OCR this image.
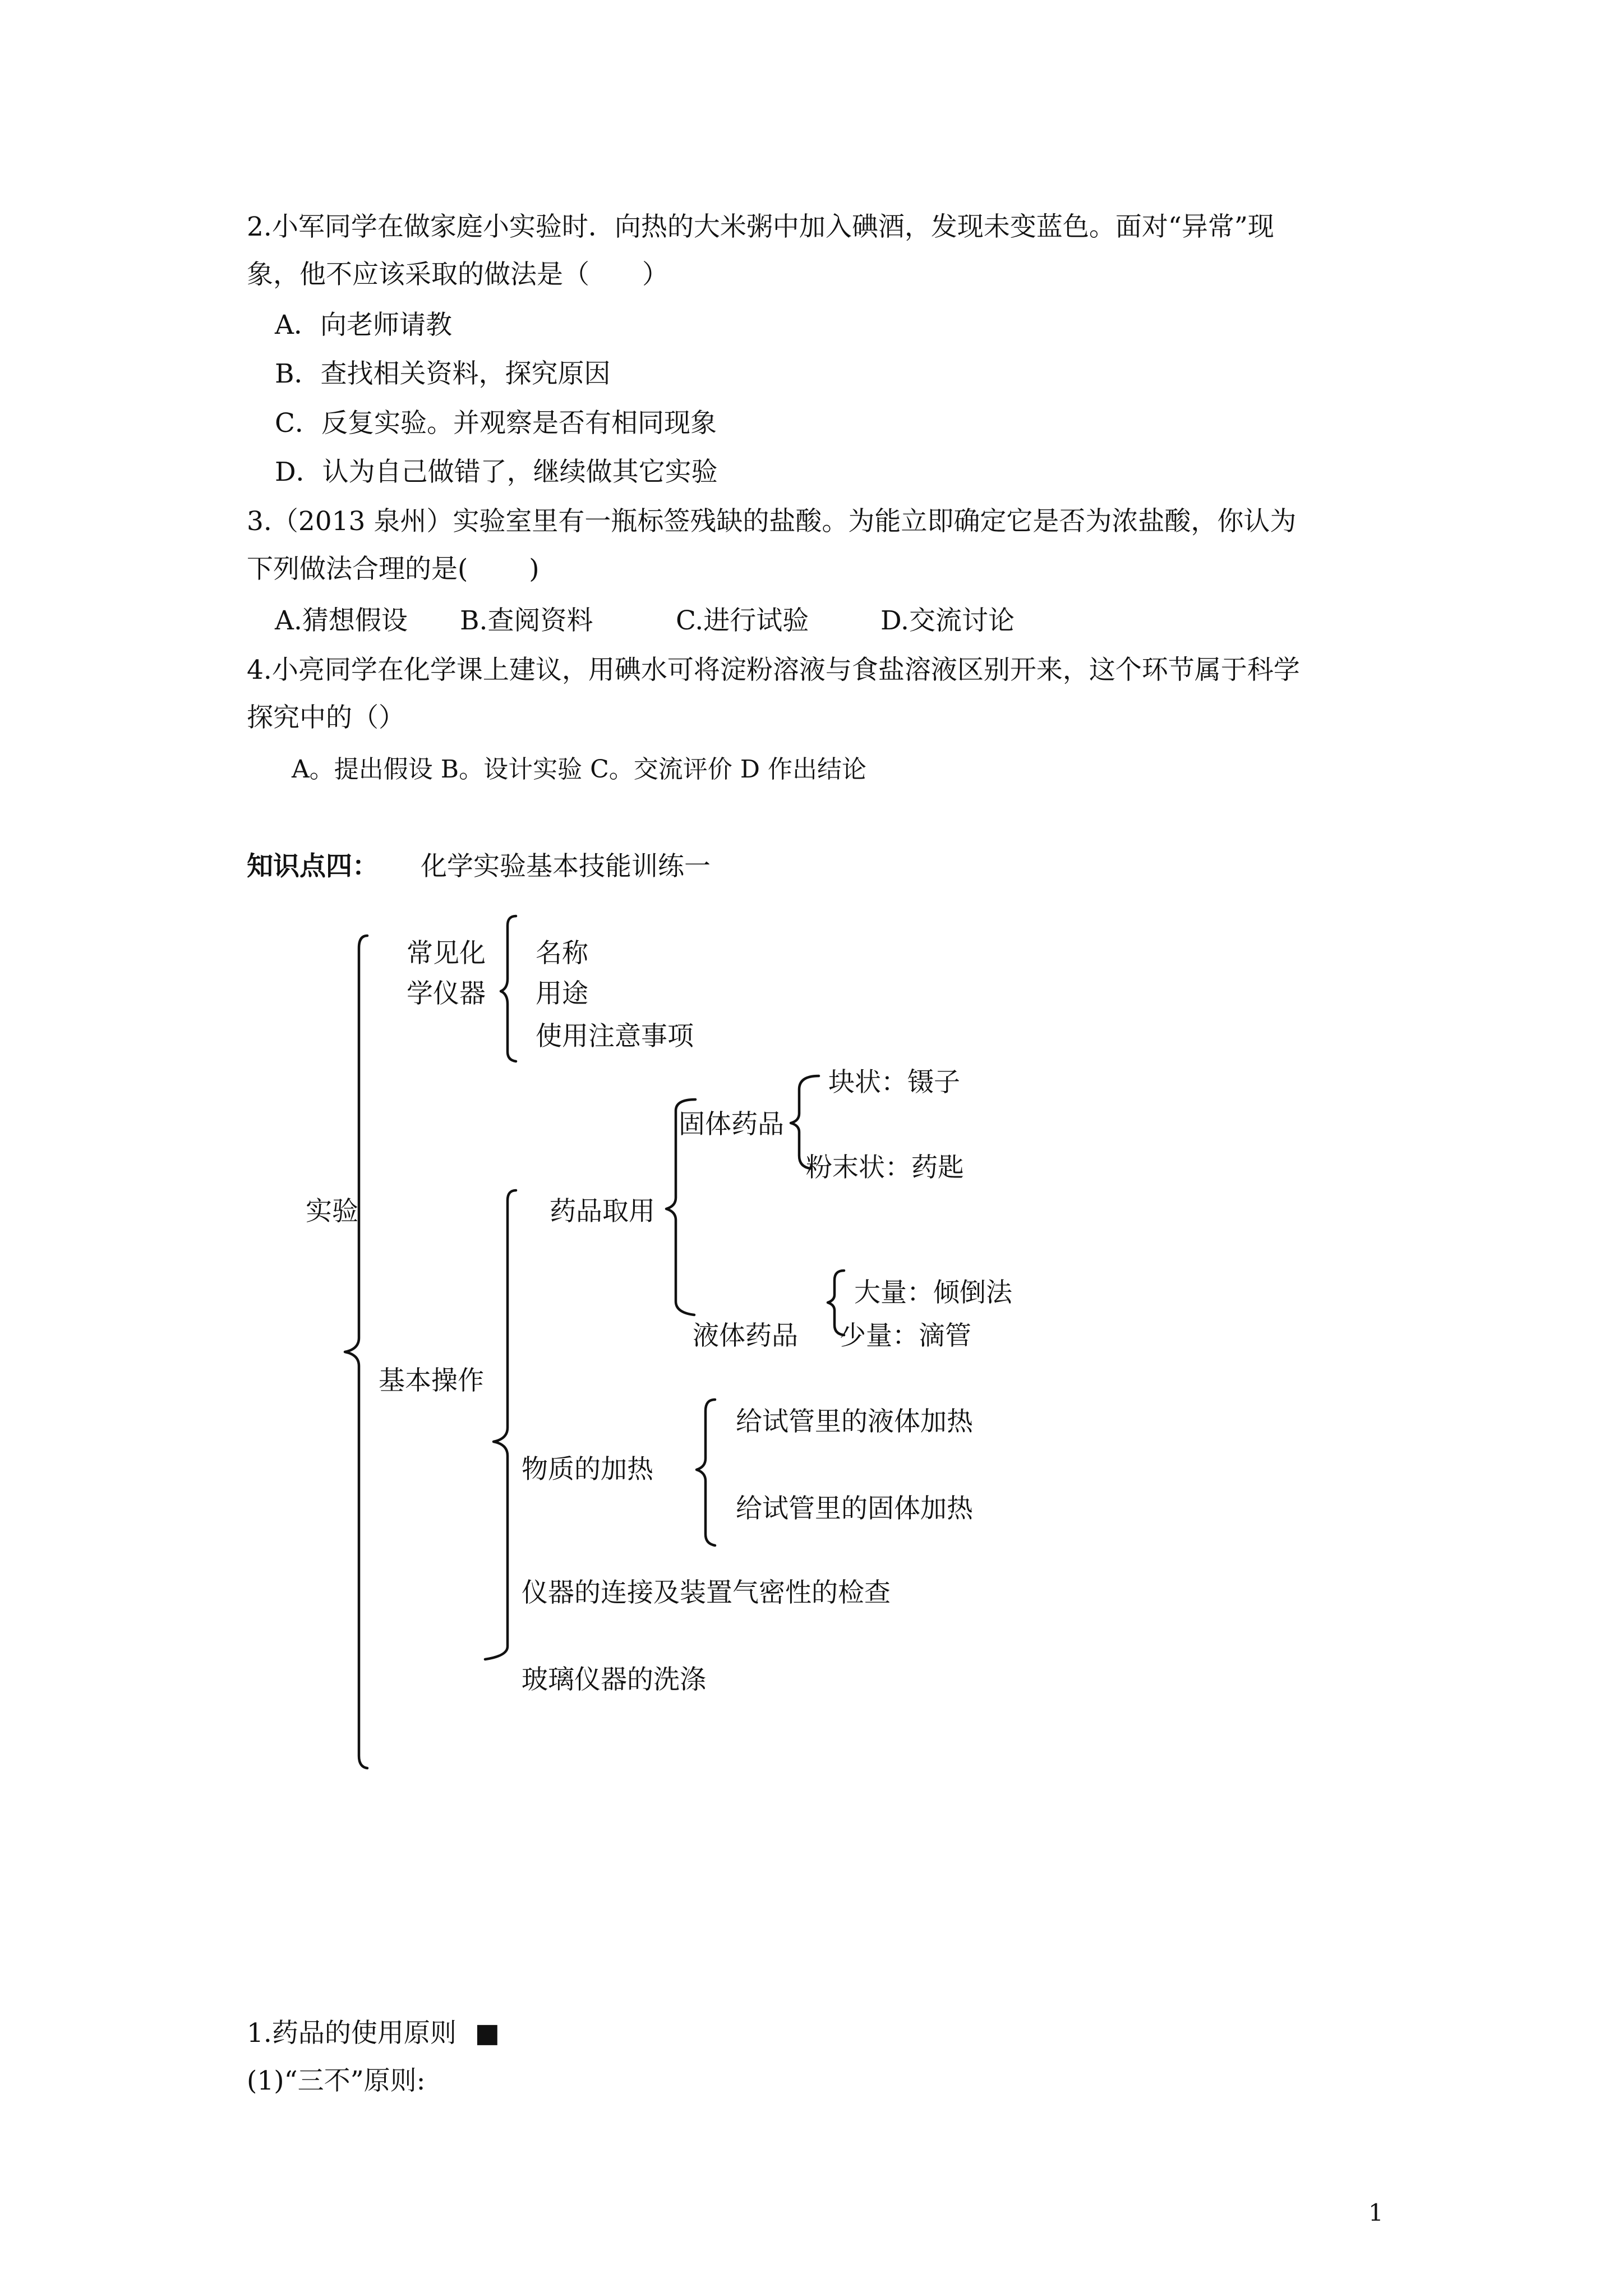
2.小军同学在做家庭小实验时．向热的大米粥中加入碘酒，发现未变蓝色。面对“异常”现
象，他不应该采取的做法是（　　）
A．向老师请教
B．查找相关资料，探究原因
C．反复实验。并观察是否有相同现象
D．认为自己做错了，继续做其它实验
3.（2013 泉州）实验室里有一瓶标签残缺的盐酸。为能立即确定它是否为浓盐酸，你认为
下列做法合理的是(　　 )
A.猜想假设 B.查阅资料	C.进行试验	D.交流讨论
4.小亮同学在化学课上建议，用碘水可将淀粉溶液与食盐溶液区别开来，这个环节属于科学
探究中的（）
A。提出假设 B。设计实验 C。交流评价 D 作出结论
知识点四： 化学实验基本技能训练一
实验
常见化
学仪器
名称
用途
使用注意事项
基本操作
药品取用
固体药品
块状：镊子
粉末状：药匙
液体药品
大量：倾倒法
少量：滴管
物质的加热
给试管里的液体加热
给试管里的固体加热
仪器的连接及装置气密性的检查
玻璃仪器的洗涤
1.药品的使用原则 ■
(1)“三不”原则:
1
